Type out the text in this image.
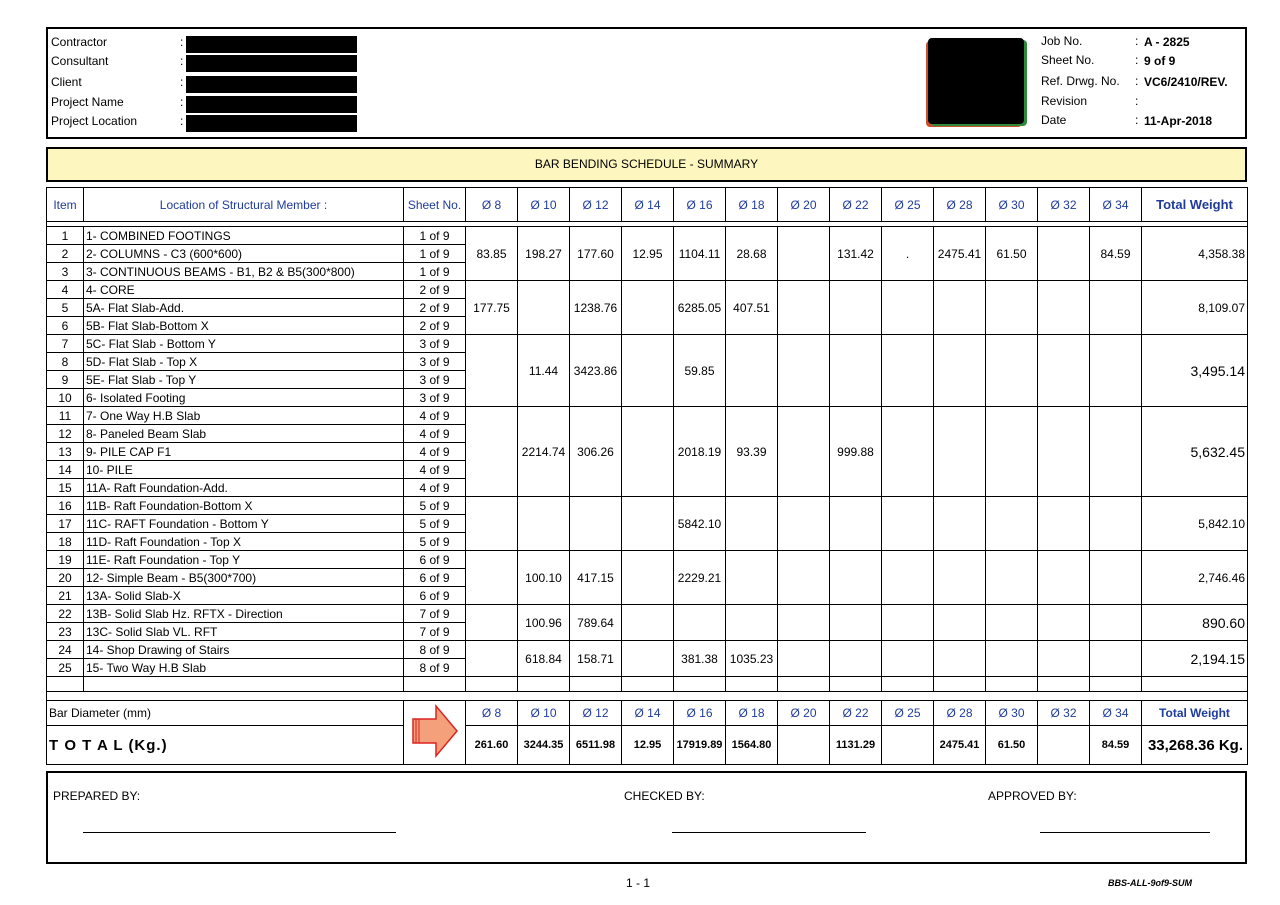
Contractor	:
Consultant	:
Client	:
Project Name	:
Project Location	:
Job No.	: A - 2825
Sheet No.	: 9 of 9
Ref. Drwg. No. : VC6/2410/REV.
Revision	:
Date	: 11-Apr-2018
BAR BENDING SCHEDULE - SUMMARY
Item	Location of Structural Member :	Sheet No.	Ø 8	Ø 10	Ø 12	Ø 14	Ø 16	Ø 18	Ø 20	Ø 22	Ø 25	Ø 28	Ø 30	Ø 32	Ø 34	Total Weight

1	1- COMBINED FOOTINGS	1 of 9	83.85	198.27	177.60	12.95	1104.11	28.68		131.42	.	2475.41	61.50		84.59	4,358.38
2	2- COLUMNS - C3 (600*600)	1 of 9														
3	3- CONTINUOUS BEAMS - B1, B2 & B5(300*800)	1 of 9														
4	4- CORE	2 of 9	177.75		1238.76		6285.05	407.51								8,109.07
5	5A- Flat Slab-Add.	2 of 9														
6	5B- Flat Slab-Bottom X	2 of 9														
7	5C- Flat Slab - Bottom Y	3 of 9		11.44	3423.86		59.85									3,495.14
8	5D- Flat Slab - Top X	3 of 9														
9	5E- Flat Slab - Top Y	3 of 9														
10	6- Isolated Footing	3 of 9														
11	7- One Way H.B Slab	4 of 9		2214.74	306.26		2018.19	93.39		999.88						5,632.45
12	8- Paneled Beam Slab	4 of 9														
13	9- PILE CAP F1	4 of 9														
14	10- PILE	4 of 9														
15	11A- Raft Foundation-Add.	4 of 9														
16	11B- Raft Foundation-Bottom X	5 of 9					5842.10									5,842.10
17	11C- RAFT Foundation - Bottom Y	5 of 9														
18	11D- Raft Foundation - Top X	5 of 9														
19	11E- Raft Foundation - Top Y	6 of 9		100.10	417.15		2229.21									2,746.46
20	12- Simple Beam - B5(300*700)	6 of 9														
21	13A- Solid Slab-X	6 of 9														
22	13B- Solid Slab Hz. RFTX - Direction	7 of 9		100.96	789.64											890.60
23	13C- Solid Slab VL. RFT	7 of 9														
24	14- Shop Drawing of Stairs	8 of 9		618.84	158.71		381.38	1035.23								2,194.15
25	15- Two Way H.B Slab	8 of 9														

Bar Diameter (mm)			Ø 8	Ø 10	Ø 12	Ø 14	Ø 16	Ø 18	Ø 20	Ø 22	Ø 25	Ø 28	Ø 30	Ø 32	Ø 34	Total Weight
T O T A L (Kg.)			261.60	3244.35	6511.98	12.95	17919.89	1564.80		1131.29		2475.41	61.50		84.59	33,268.36 Kg.
PREPARED BY:	CHECKED BY:	APPROVED BY:
1 - 1	BBS-ALL-9of9-SUM
